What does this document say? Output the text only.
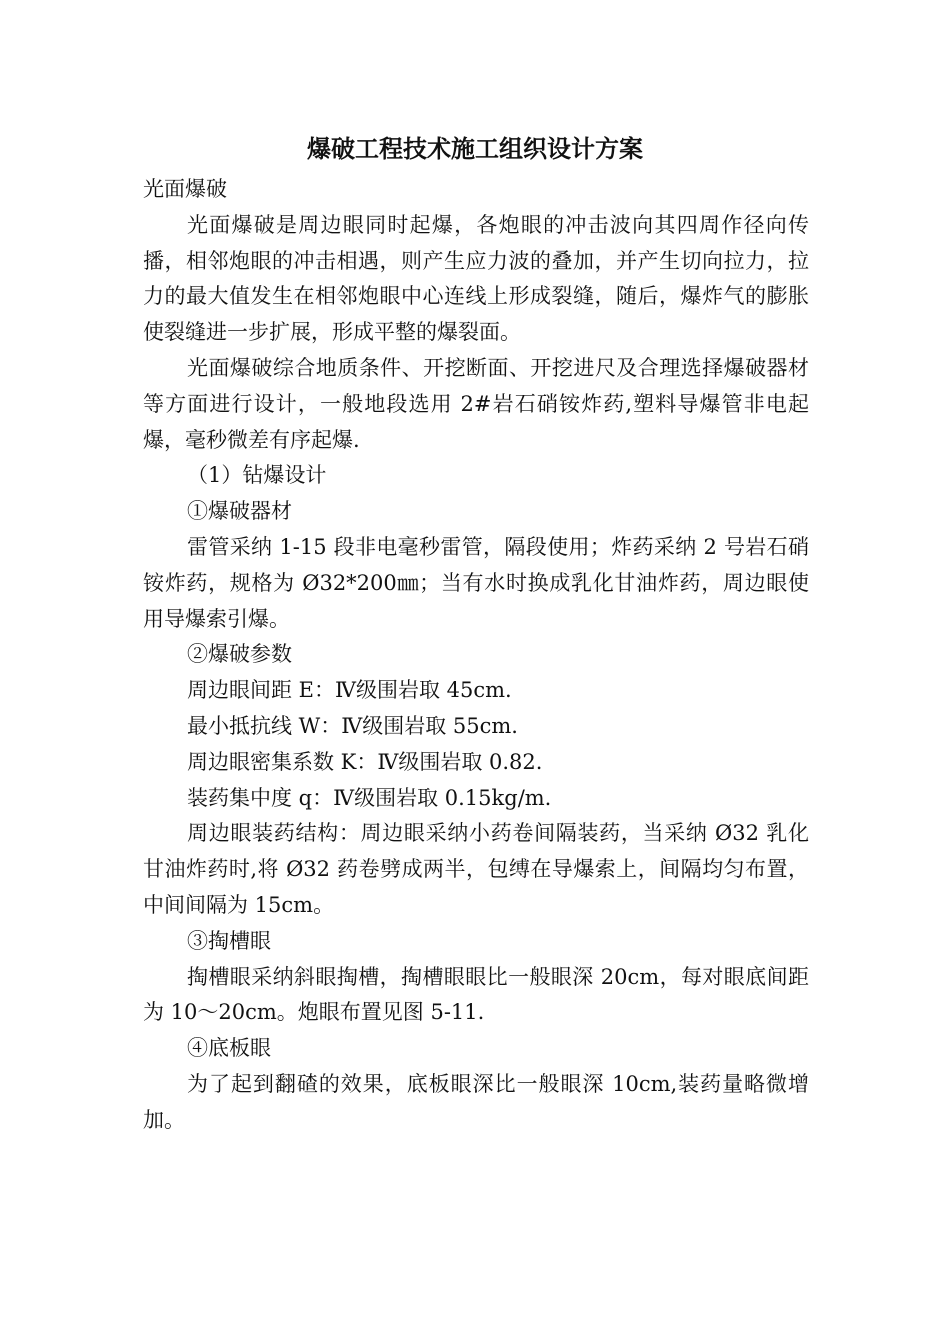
爆破工程技术施工组织设计方案

光面爆破

光面爆破是周边眼同时起爆，各炮眼的冲击波向其四周作径向传播，相邻炮眼的冲击相遇，则产生应力波的叠加，并产生切向拉力，拉力的最大值发生在相邻炮眼中心连线上形成裂缝，随后，爆炸气的膨胀使裂缝进一步扩展，形成平整的爆裂面。

光面爆破综合地质条件、开挖断面、开挖进尺及合理选择爆破器材等方面进行设计，一般地段选用 2#岩石硝铵炸药,塑料导爆管非电起爆，毫秒微差有序起爆.

（1）钻爆设计

①爆破器材

雷管采纳 1-15 段非电毫秒雷管，隔段使用；炸药采纳 2 号岩石硝铵炸药，规格为 Ø32*200㎜；当有水时换成乳化甘油炸药，周边眼使用导爆索引爆。

②爆破参数

周边眼间距 E：Ⅳ级围岩取 45cm.

最小抵抗线 W：Ⅳ级围岩取 55cm.

周边眼密集系数 K：Ⅳ级围岩取 0.82.

装药集中度 q：Ⅳ级围岩取 0.15kg/m.

周边眼装药结构：周边眼采纳小药卷间隔装药，当采纳 Ø32 乳化甘油炸药时,将 Ø32 药卷劈成两半，包缚在导爆索上，间隔均匀布置，中间间隔为 15cm。

③掏槽眼

掏槽眼采纳斜眼掏槽，掏槽眼眼比一般眼深 20cm，每对眼底间距为 10～20cm。炮眼布置见图 5-11.

④底板眼

为了起到翻碴的效果，底板眼深比一般眼深 10cm,装药量略微增加。
